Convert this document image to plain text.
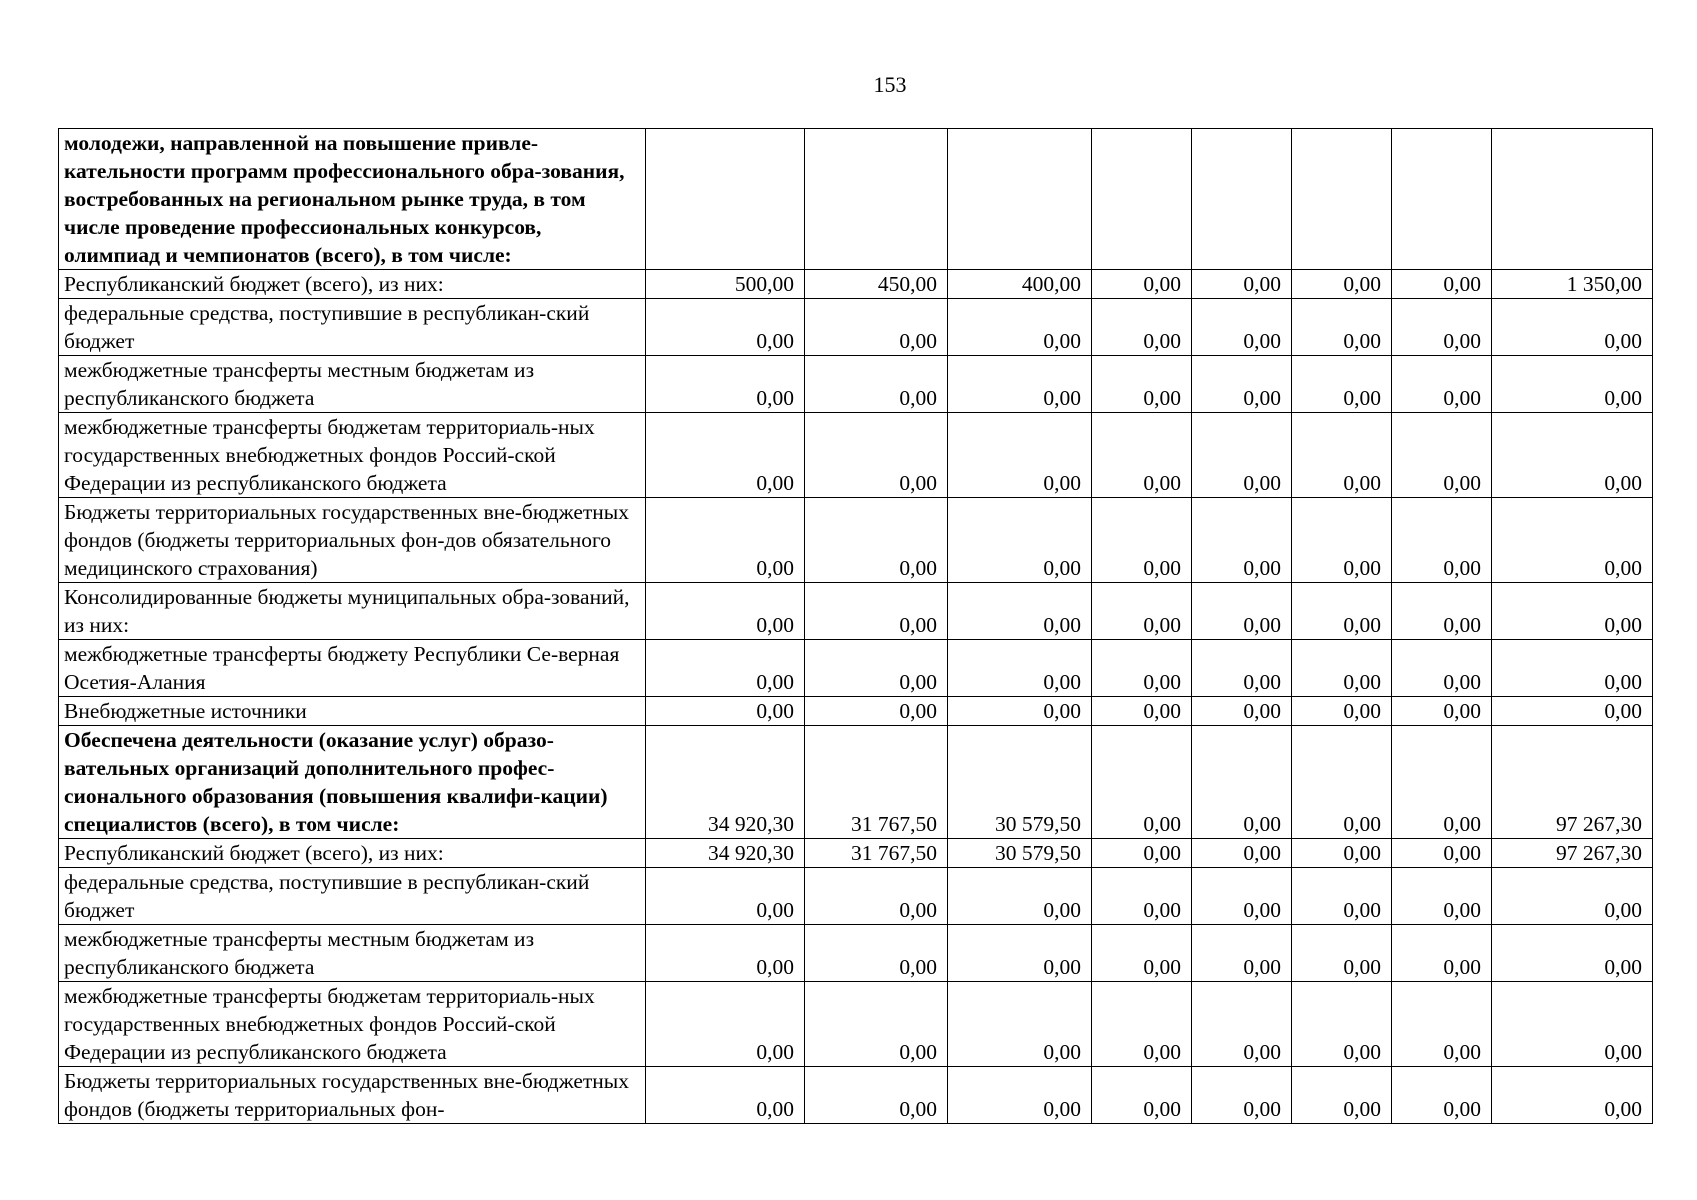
153
молодежи, направленной на повышение привле-кательности программ профессионального обра-зования, востребованных на региональном рынке труда, в том числе проведение профессиональных конкурсов, олимпиад и чемпионатов (всего), в том числе:								
Республиканский бюджет (всего), из них:	500,00	450,00	400,00	0,00	0,00	0,00	0,00	1 350,00
федеральные средства, поступившие в республикан-ский бюджет	0,00	0,00	0,00	0,00	0,00	0,00	0,00	0,00
межбюджетные трансферты местным бюджетам из республиканского бюджета	0,00	0,00	0,00	0,00	0,00	0,00	0,00	0,00
межбюджетные трансферты бюджетам территориаль-ных государственных внебюджетных фондов Россий-ской Федерации из республиканского бюджета	0,00	0,00	0,00	0,00	0,00	0,00	0,00	0,00
Бюджеты территориальных государственных вне-бюджетных фондов (бюджеты территориальных фон-дов обязательного медицинского страхования)	0,00	0,00	0,00	0,00	0,00	0,00	0,00	0,00
Консолидированные бюджеты муниципальных обра-зований, из них:	0,00	0,00	0,00	0,00	0,00	0,00	0,00	0,00
межбюджетные трансферты бюджету Республики Се-верная Осетия-Алания	0,00	0,00	0,00	0,00	0,00	0,00	0,00	0,00
Внебюджетные источники	0,00	0,00	0,00	0,00	0,00	0,00	0,00	0,00
Обеспечена деятельности (оказание услуг) образо-вательных организаций дополнительного профес-сионального образования (повышения квалифи-кации) специалистов (всего), в том числе:	34 920,30	31 767,50	30 579,50	0,00	0,00	0,00	0,00	97 267,30
Республиканский бюджет (всего), из них:	34 920,30	31 767,50	30 579,50	0,00	0,00	0,00	0,00	97 267,30
федеральные средства, поступившие в республикан-ский бюджет	0,00	0,00	0,00	0,00	0,00	0,00	0,00	0,00
межбюджетные трансферты местным бюджетам из республиканского бюджета	0,00	0,00	0,00	0,00	0,00	0,00	0,00	0,00
межбюджетные трансферты бюджетам территориаль-ных государственных внебюджетных фондов Россий-ской Федерации из республиканского бюджета	0,00	0,00	0,00	0,00	0,00	0,00	0,00	0,00
Бюджеты территориальных государственных вне-бюджетных фондов (бюджеты территориальных фон-	0,00	0,00	0,00	0,00	0,00	0,00	0,00	0,00
